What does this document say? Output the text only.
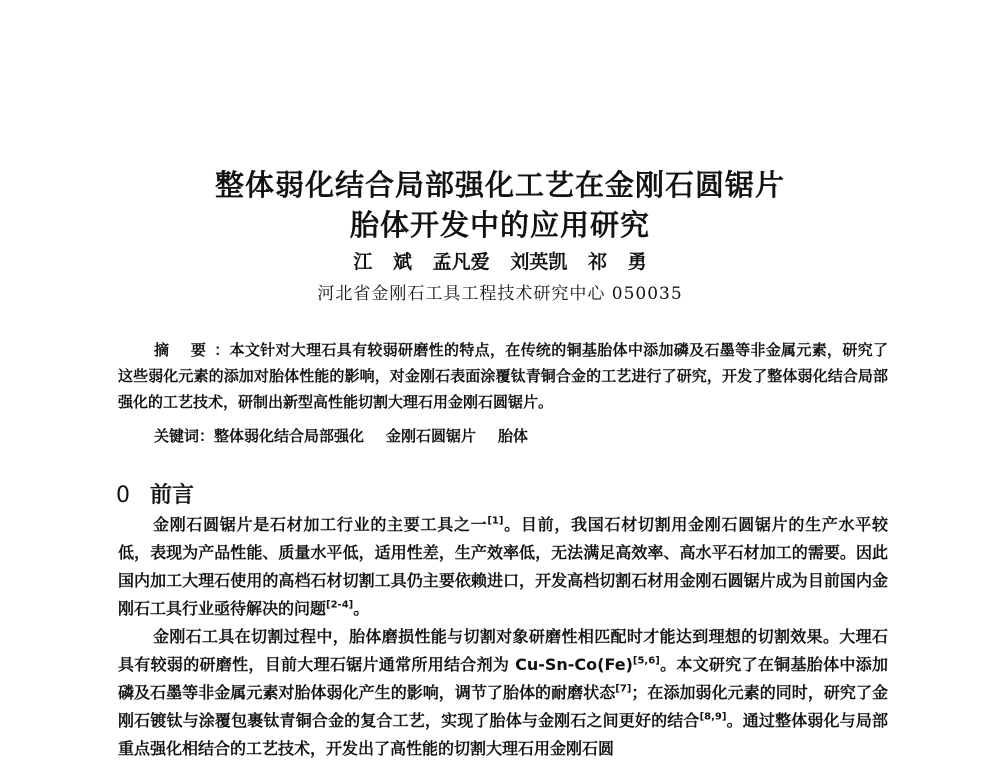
整体弱化结合局部强化工艺在金刚石圆锯片
胎体开发中的应用研究
江 斌 孟凡爱 刘英凯 祁 勇
河北省金刚石工具工程技术研究中心 050035
摘 要：本文针对大理石具有较弱研磨性的特点，在传统的铜基胎体中添加磷及石墨等非金属元素，研究了这些弱化元素的添加对胎体性能的影响，对金刚石表面涂覆钛青铜合金的工艺进行了研究，开发了整体弱化结合局部强化的工艺技术，研制出新型高性能切割大理石用金刚石圆锯片。
关键词：整体弱化结合局部强化 金刚石圆锯片 胎体
0 前言
金刚石圆锯片是石材加工行业的主要工具之一[1]。目前，我国石材切割用金刚石圆锯片的生产水平较低，表现为产品性能、质量水平低，适用性差，生产效率低，无法满足高效率、高水平石材加工的需要。因此国内加工大理石使用的高档石材切割工具仍主要依赖进口，开发高档切割石材用金刚石圆锯片成为目前国内金刚石工具行业亟待解决的问题[2-4]。
金刚石工具在切割过程中，胎体磨损性能与切割对象研磨性相匹配时才能达到理想的切割效果。大理石具有较弱的研磨性，目前大理石锯片通常所用结合剂为 Cu-Sn-Co(Fe)[5,6]。本文研究了在铜基胎体中添加磷及石墨等非金属元素对胎体弱化产生的影响，调节了胎体的耐磨状态[7]；在添加弱化元素的同时，研究了金刚石镀钛与涂覆包裹钛青铜合金的复合工艺，实现了胎体与金刚石之间更好的结合[8,9]。通过整体弱化与局部重点强化相结合的工艺技术，开发出了高性能的切割大理石用金刚石圆
